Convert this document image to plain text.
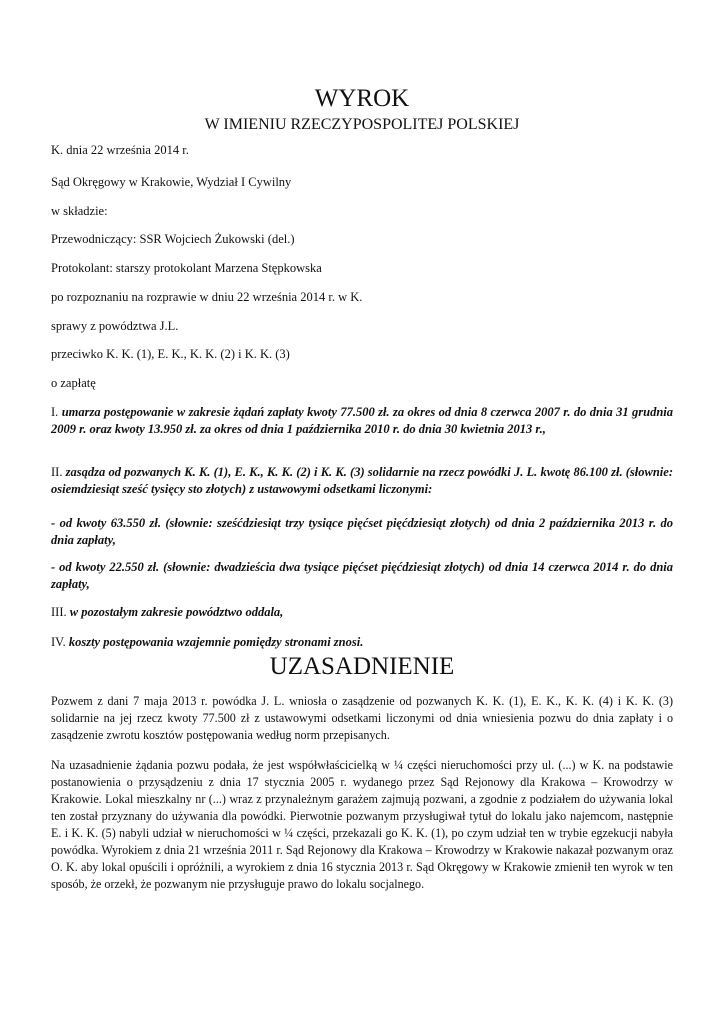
WYROK
W IMIENIU RZECZYPOSPOLITEJ POLSKIEJ
K. dnia 22 września 2014 r.
Sąd Okręgowy w Krakowie, Wydział I Cywilny
w składzie:
Przewodniczący: SSR Wojciech Żukowski (del.)
Protokolant: starszy protokolant Marzena Stępkowska
po rozpoznaniu na rozprawie w dniu 22 września 2014 r. w K.
sprawy z powództwa J.L.
przeciwko K. K. (1), E. K., K. K. (2) i K. K. (3)
o zapłatę
I. umarza postępowanie w zakresie żądań zapłaty kwoty 77.500 zł. za okres od dnia 8 czerwca 2007 r. do dnia 31 grudnia 2009 r. oraz kwoty 13.950 zł. za okres od dnia 1 października 2010 r. do dnia 30 kwietnia 2013 r.,
II. zasądza od pozwanych K. K. (1), E. K., K. K. (2) i K. K. (3) solidarnie na rzecz powódki J. L. kwotę 86.100 zł. (słownie: osiemdziesiąt sześć tysięcy sto złotych) z ustawowymi odsetkami liczonymi:
- od kwoty 63.550 zł. (słownie: sześćdziesiąt trzy tysiące pięćset pięćdziesiąt złotych) od dnia 2 października 2013 r. do dnia zapłaty,
- od kwoty 22.550 zł. (słownie: dwadzieścia dwa tysiące pięćset pięćdziesiąt złotych) od dnia 14 czerwca 2014 r. do dnia zapłaty,
III. w pozostałym zakresie powództwo oddala,
IV. koszty postępowania wzajemnie pomiędzy stronami znosi.
UZASADNIENIE
Pozwem z dani 7 maja 2013 r. powódka J. L. wniosła o zasądzenie od pozwanych K. K. (1), E. K., K. K. (4) i K. K. (3) solidarnie na jej rzecz kwoty 77.500 zł z ustawowymi odsetkami liczonymi od dnia wniesienia pozwu do dnia zapłaty i o zasądzenie zwrotu kosztów postępowania według norm przepisanych.
Na uzasadnienie żądania pozwu podała, że jest współwłaścicielką w ¼ części nieruchomości przy ul. (...) w K. na podstawie postanowienia o przysądzeniu z dnia 17 stycznia 2005 r. wydanego przez Sąd Rejonowy dla Krakowa – Krowodrzy w Krakowie. Lokal mieszkalny nr (...) wraz z przynależnym garażem zajmują pozwani, a zgodnie z podziałem do używania lokal ten został przyznany do używania dla powódki. Pierwotnie pozwanym przysługiwał tytuł do lokalu jako najemcom, następnie E. i K. K. (5) nabyli udział w nieruchomości w ¼ części, przekazali go K. K. (1), po czym udział ten w trybie egzekucji nabyła powódka. Wyrokiem z dnia 21 września 2011 r. Sąd Rejonowy dla Krakowa – Krowodrzy w Krakowie nakazał pozwanym oraz O. K. aby lokal opuścili i opróżnili, a wyrokiem z dnia 16 stycznia 2013 r. Sąd Okręgowy w Krakowie zmienił ten wyrok w ten sposób, że orzekł, że pozwanym nie przysługuje prawo do lokalu socjalnego.
